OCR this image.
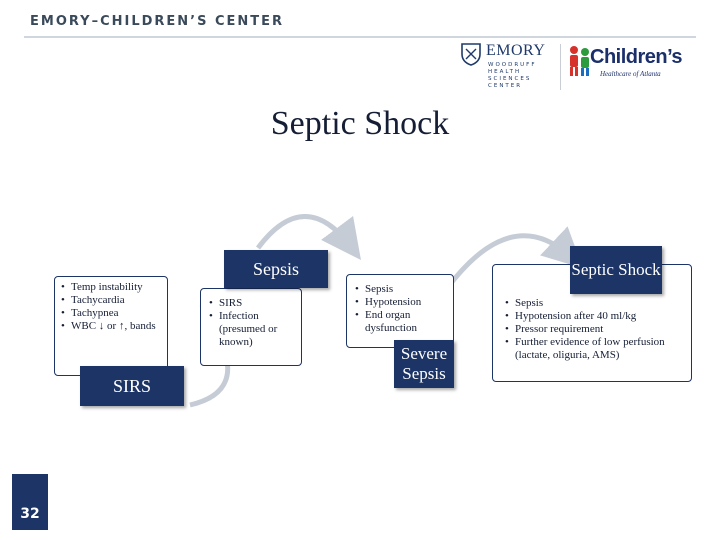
EMORY–CHILDREN’S CENTER
EMORY
WOODRUFF HEALTH SCIENCES CENTER
Children’s
Healthcare of Atlanta
Septic Shock
• Temp instability
• Tachycardia
• Tachypnea
• WBC ↓ or ↑, bands
SIRS
• SIRS
• Infection (presumed or known)
Sepsis
• Sepsis
• Hypotension
• End organ dysfunction
Severe Sepsis
• Sepsis
• Hypotension after 40 ml/kg
• Pressor requirement
• Further evidence of low perfusion (lactate, oliguria, AMS)
Septic Shock
32
